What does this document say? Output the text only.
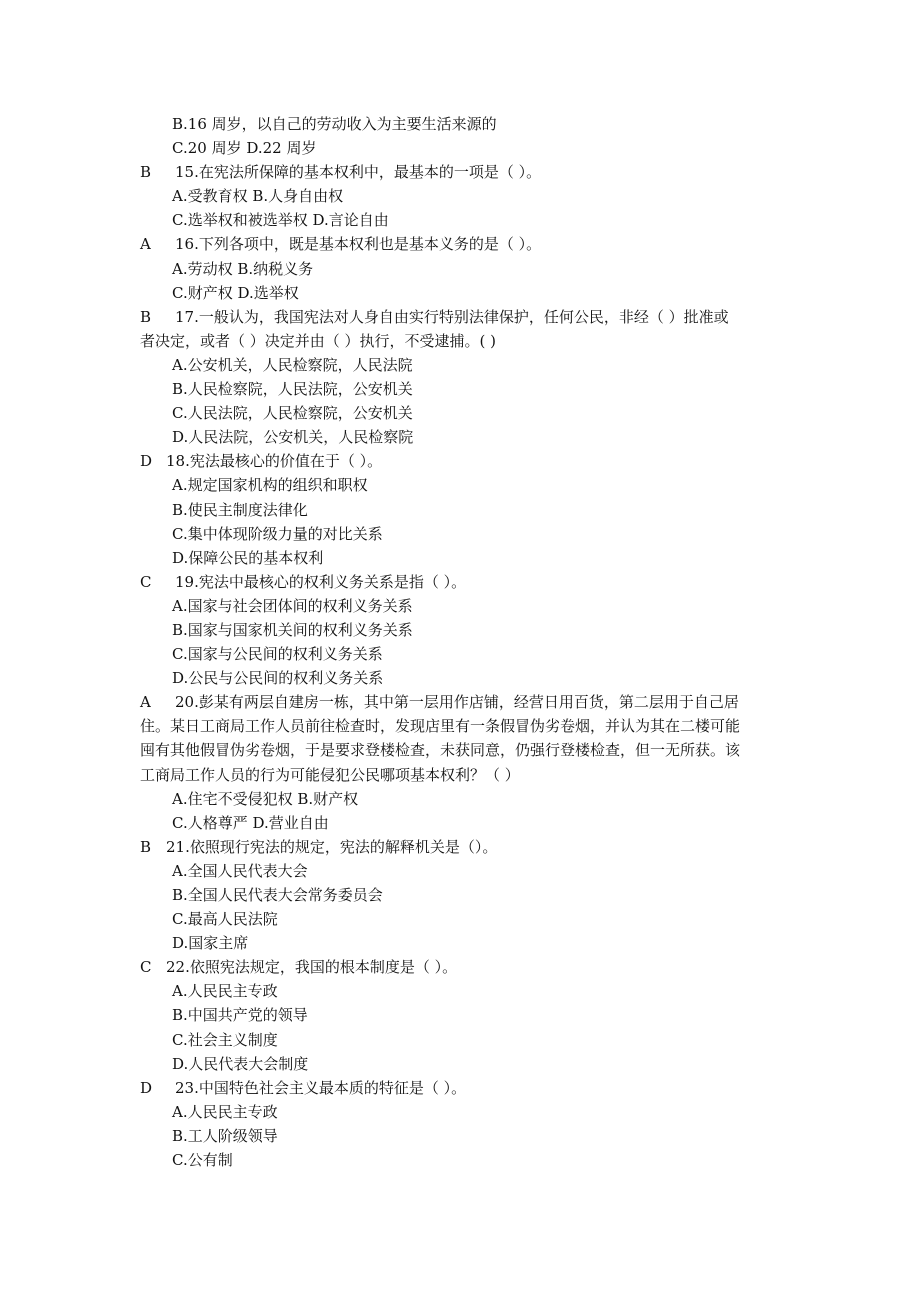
B.16 周岁，以自己的劳动收入为主要生活来源的
C.20 周岁 D.22 周岁
B	15.在宪法所保障的基本权利中，最基本的一项是（ ）。
A.受教育权 B.人身自由权
C.选举权和被选举权 D.言论自由
A	16.下列各项中，既是基本权利也是基本义务的是（ ）。
A.劳动权 B.纳税义务
C.财产权 D.选举权
B	17.一般认为，我国宪法对人身自由实行特别法律保护，任何公民，非经（ ）批准或
者决定，或者（ ）决定并由（ ）执行，不受逮捕。( )
A.公安机关，人民检察院，人民法院
B.人民检察院，人民法院，公安机关
C.人民法院，人民检察院，公安机关
D.人民法院，公安机关，人民检察院
D 18.宪法最核心的价值在于（ ）。
A.规定国家机构的组织和职权
B.使民主制度法律化
C.集中体现阶级力量的对比关系
D.保障公民的基本权利
C	19.宪法中最核心的权利义务关系是指（ ）。
A.国家与社会团体间的权利义务关系
B.国家与国家机关间的权利义务关系
C.国家与公民间的权利义务关系
D.公民与公民间的权利义务关系
A	20.彭某有两层自建房一栋，其中第一层用作店铺，经营日用百货，第二层用于自己居
住。某日工商局工作人员前往检查时，发现店里有一条假冒伪劣卷烟，并认为其在二楼可能
囤有其他假冒伪劣卷烟，于是要求登楼检查，未获同意，仍强行登楼检查，但一无所获。该
工商局工作人员的行为可能侵犯公民哪项基本权利？（ ）
A.住宅不受侵犯权 B.财产权
C.人格尊严 D.营业自由
B 21.依照现行宪法的规定，宪法的解释机关是（）。
A.全国人民代表大会
B.全国人民代表大会常务委员会
C.最高人民法院
D.国家主席
C 22.依照宪法规定，我国的根本制度是（ ）。
A.人民民主专政
B.中国共产党的领导
C.社会主义制度
D.人民代表大会制度
D	23.中国特色社会主义最本质的特征是（ ）。
A.人民民主专政
B.工人阶级领导
C.公有制
